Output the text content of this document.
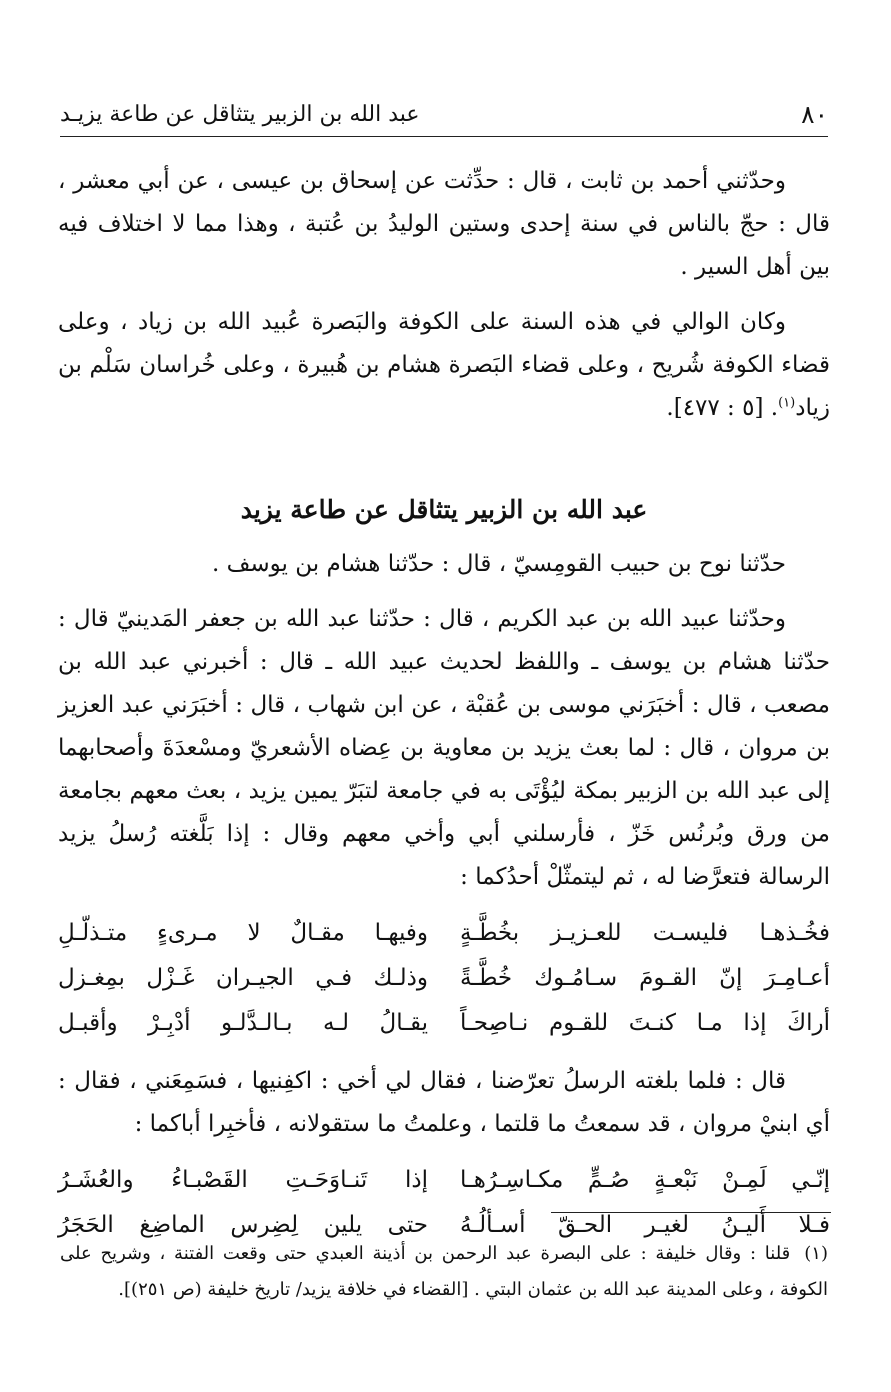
٨٠
عبد الله بن الزبير يتثاقل عن طاعة يزيـد

وحدّثني أحمد بن ثابت ، قال : حدِّثت عن إسحاق بن عيسى ، عن أبي معشر ، قال : حجّ بالناس في سنة إحدى وستين الوليدُ بن عُتبة ، وهذا مما لا اختلاف فيه بين أهل السير .

وكان الوالي في هذه السنة على الكوفة والبَصرة عُبيد الله بن زياد ، وعلى قضاء الكوفة شُريح ، وعلى قضاء البَصرة هشام بن هُبيرة ، وعلى خُراسان سَلْم بن زياد$^{(١)}$. [٥ : ٤٧٧].

عبد الله بن الزبير يتثاقل عن طاعة يزيد

حدّثنا نوح بن حبيب القومِسيّ ، قال : حدّثنا هشام بن يوسف .

وحدّثنا عبيد الله بن عبد الكريم ، قال : حدّثنا عبد الله بن جعفر المَدينيّ قال : حدّثنا هشام بن يوسف ـ واللفظ لحديث عبيد الله ـ قال : أخبرني عبد الله بن مصعب ، قال : أخبَرَني موسى بن عُقبْة ، عن ابن شهاب ، قال : أخبَرَني عبد العزيز بن مروان ، قال : لما بعث يزيد بن معاوية بن عِضاه الأشعريّ ومسْعدَةَ وأصحابهما إلى عبد الله بن الزبير بمكة ليُؤْتَى به في جامعة لتبَرّ يمين يزيد ، بعث معهم بجامعة من ورق وبُرنُس خَزّ ، فأرسلني أبي وأخي معهم وقال : إذا بَلَّغته رُسلُ يزيد الرسالة فتعرَّضا له ، ثم ليتمثّلْ أحدُكما :

فخُـذهـا فليسـت للعـزيـز بخُطَّـةٍ
وفيهـا مقـالٌ لا مـرىءٍ متـذلّـلِ
أعـامِـرَ إنّ القـومَ سـامُـوك خُطَّـةً
وذلـك فـي الجيـران غَـزْل بمِغـزل
أراكَ إذا مـا كنـتَ للقـوم نـاصِحـاً
يقـالُ لـه بـالـدَّلـو أدْبِـرْ وأقبـل

قال : فلما بلغته الرسلُ تعرّضنا ، فقال لي أخي : اكفِنيها ، فسَمِعَني ، فقال : أي ابنيْ مروان ، قد سمعتُ ما قلتما ، وعلمتُ ما ستقولانه ، فأخبِرا أباكما :

إنّـي لَمِـنْ نَبْعـةٍ صُـمٍّ مكـاسِـرُهـا
إذا تَنـاوَحَـتِ القَصْبـاءُ والعُشَـرُ
فـلا أَليـنُ لغيـر الحـقّ أسـألُـهُ
حتى يلين لِضِرس الماضِغ الحَجَرُ
(١)قلنا : وقال خليفة : على البصرة عبد الرحمن بن أذينة العبدي حتى وقعت الفتنة ، وشريح على الكوفة ، وعلى المدينة عبد الله بن عثمان البتي . [القضاء في خلافة يزيد/ تاريخ خليفة (ص ٢٥١)].
